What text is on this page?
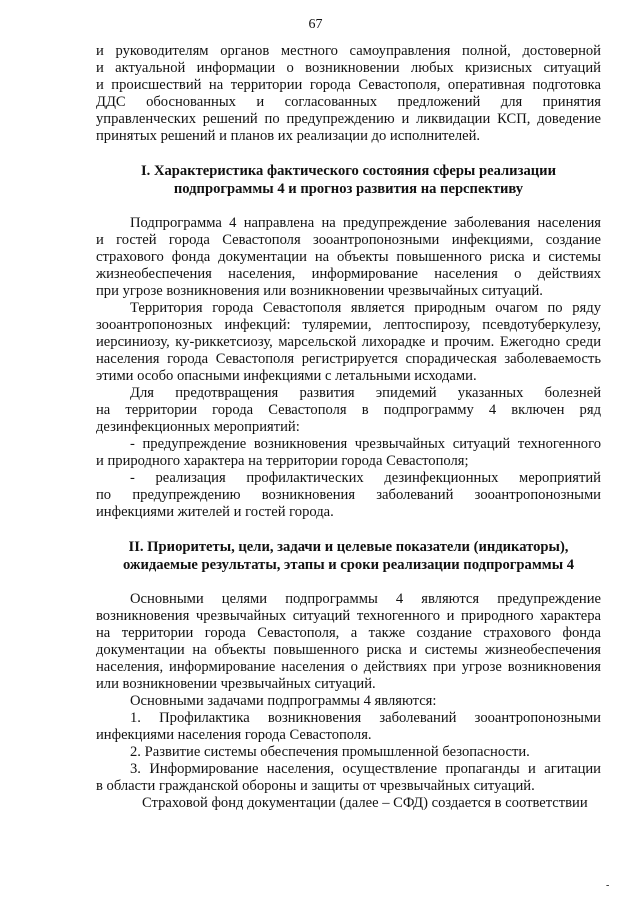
67
и руководителям органов местного самоуправления полной, достоверной
и актуальной информации о возникновении любых кризисных ситуаций
и происшествий на территории города Севастополя, оперативная подготовка
ДДС обоснованных и согласованных предложений для принятия
управленческих решений по предупреждению и ликвидации КСП, доведение
принятых решений и планов их реализации до исполнителей.
I. Характеристика фактического состояния сферы реализации
подпрограммы 4 и прогноз развития на перспективу
Подпрограмма 4 направлена на предупреждение заболевания населения
и гостей города Севастополя зооантропонозными инфекциями, создание
страхового фонда документации на объекты повышенного риска и системы
жизнеобеспечения населения, информирование населения о действиях
при угрозе возникновения или возникновении чрезвычайных ситуаций.
Территория города Севастополя является природным очагом по ряду
зооантропонозных инфекций: туляремии, лептоспирозу, псевдотуберкулезу,
иерсиниозу, ку-риккетсиозу, марсельской лихорадке и прочим. Ежегодно среди
населения города Севастополя регистрируется спорадическая заболеваемость
этими особо опасными инфекциями с летальными исходами.
Для предотвращения развития эпидемий указанных болезней
на территории города Севастополя в подпрограмму 4 включен ряд
дезинфекционных мероприятий:
- предупреждение возникновения чрезвычайных ситуаций техногенного
и природного характера на территории города Севастополя;
- реализация профилактических дезинфекционных мероприятий
по предупреждению возникновения заболеваний зооантропонозными
инфекциями жителей и гостей города.
II. Приоритеты, цели, задачи и целевые показатели (индикаторы),
ожидаемые результаты, этапы и сроки реализации подпрограммы 4
Основными целями подпрограммы 4 являются предупреждение
возникновения чрезвычайных ситуаций техногенного и природного характера
на территории города Севастополя, а также создание страхового фонда
документации на объекты повышенного риска и системы жизнеобеспечения
населения, информирование населения о действиях при угрозе возникновения
или возникновении чрезвычайных ситуаций.
Основными задачами подпрограммы 4 являются:
1. Профилактика возникновения заболеваний зооантропонозными
инфекциями населения города Севастополя.
2. Развитие системы обеспечения промышленной безопасности.
3. Информирование населения, осуществление пропаганды и агитации
в области гражданской обороны и защиты от чрезвычайных ситуаций.
Страховой фонд документации (далее – СФД) создается в соответствии
-
